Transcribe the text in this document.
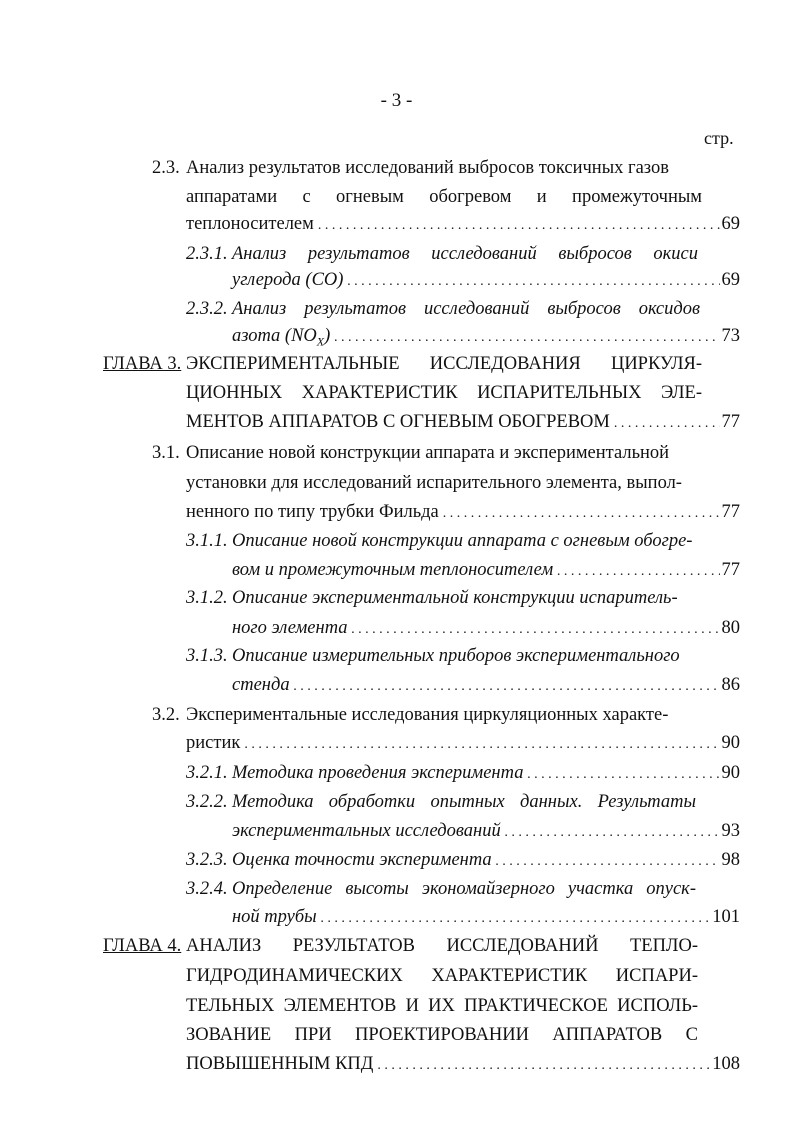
- 3 -
стр.
2.3. Анализ результатов исследований выбросов токсичных газов
аппаратами с огневым обогревом и промежуточным
теплоносителем . . .	69
2.3.1. Анализ результатов исследований выбросов окиси
углерода (СО) . . .	69
2.3.2. Анализ результатов исследований выбросов оксидов
азота $(NO_X)$ . . .	73
ГЛАВА 3. ЭКСПЕРИМЕНТАЛЬНЫЕ ИССЛЕДОВАНИЯ ЦИРКУЛЯ-
ЦИОННЫХ ХАРАКТЕРИСТИК ИСПАРИТЕЛЬНЫХ ЭЛЕ-
МЕНТОВ АППАРАТОВ С ОГНЕВЫМ ОБОГРЕВОМ . . .	77
3.1. Описание новой конструкции аппарата и экспериментальной
установки для исследований испарительного элемента, выпол-
ненного по типу трубки Фильда . . .	77
3.1.1. Описание новой конструкции аппарата с огневым обогре-
вом и промежуточным теплоносителем . . .	77
3.1.2. Описание экспериментальной конструкции испаритель-
ного элемента . . .	80
3.1.3. Описание измерительных приборов экспериментального
стенда . . .	86
3.2. Экспериментальные исследования циркуляционных характе-
ристик . . .	90
3.2.1. Методика проведения эксперимента . . .	90
3.2.2. Методика обработки опытных данных. Результаты
экспериментальных исследований . . .	93
3.2.3. Оценка точности эксперимента . . .	98
3.2.4. Определение высоты экономайзерного участка опуск-
ной трубы . . .	101
ГЛАВА 4. АНАЛИЗ РЕЗУЛЬТАТОВ ИССЛЕДОВАНИЙ ТЕПЛО-
ГИДРОДИНАМИЧЕСКИХ ХАРАКТЕРИСТИК ИСПАРИ-
ТЕЛЬНЫХ ЭЛЕМЕНТОВ И ИХ ПРАКТИЧЕСКОЕ ИСПОЛЬ-
ЗОВАНИЕ ПРИ ПРОЕКТИРОВАНИИ АППАРАТОВ С
ПОВЫШЕННЫМ КПД . . .	108
